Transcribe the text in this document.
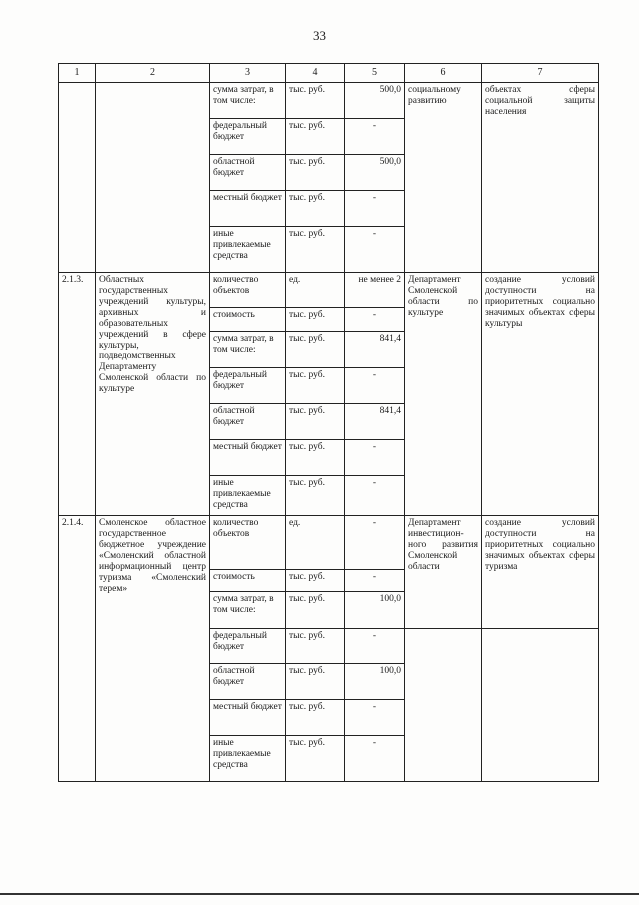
33
1	2	3	4	5	6	7
		сумма затрат, в том числе:	тыс. руб.	500,0	социальному развитию	объектах сферы социальной защиты населения
		федеральный бюджет	тыс. руб.	-		
		областной бюджет	тыс. руб.	500,0		
		местный бюджет	тыс. руб.	-		
		иные привлекаемые средства	тыс. руб.	-		
2.1.3.	Областных государственных учреждений культуры, архивных и образовательных учреждений в сфере культуры, подведомственных Департаменту Смоленской области по культуре	количество объектов	ед.	не менее 2	Департамент Смоленской области по культуре	создание условий доступности на приоритетных социально значимых объектах сферы культуры
		стоимость	тыс. руб.	-		
		сумма затрат, в том числе:	тыс. руб.	841,4		
		федеральный бюджет	тыс. руб.	-		
		областной бюджет	тыс. руб.	841,4		
		местный бюджет	тыс. руб.	-		
		иные привлекаемые средства	тыс. руб.	-		
2.1.4.	Смоленское областное государственное бюджетное учреждение «Смоленский областной информационный центр туризма «Смоленский терем»	количество объектов	ед.	-	Департамент инвестицион-ного развития Смоленской области	создание условий доступности на приоритетных социально значимых объектах сферы туризма
		стоимость	тыс. руб.	-		
		сумма затрат, в том числе:	тыс. руб.	100,0		
		федеральный бюджет	тыс. руб.	-		
		областной бюджет	тыс. руб.	100,0		
		местный бюджет	тыс. руб.	-		
		иные привлекаемые средства	тыс. руб.	-		
